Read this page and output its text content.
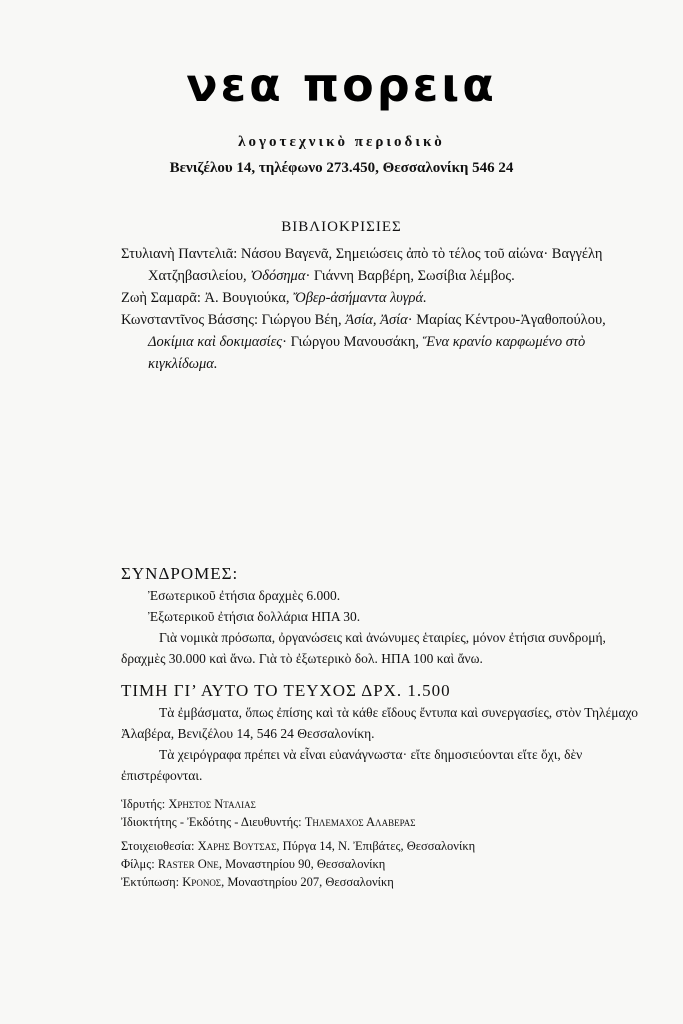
νεα πορεια
λογοτεχνικὸ περιοδικὸ
Βενιζέλου 14, τηλέφωνο 273.450, Θεσσαλονίκη 546 24
ΒΙΒΛΙΟΚΡΙΣΙΕΣ
Στυλιανὴ Παντελιᾶ: Νάσου Βαγενᾶ, Σημειώσεις ἀπὸ τὸ τέλος τοῦ αἰώνα· Βαγγέλη Χατζηβασιλείου, Ὀδόσημα· Γιάννη Βαρβέρη, Σωσίβια λέμβος.
Ζωὴ Σαμαρᾶ: Ἀ. Βουγιούκα, Ὄβερ-ἀσήμαντα λυγρά.
Κωνσταντῖνος Βάσσης: Γιώργου Βέη, Ἀσία, Ἀσία· Μαρίας Κέντρου-Ἀγαθοπούλου, Δοκίμια καὶ δοκιμασίες· Γιώργου Μανουσάκη, Ἕνα κρανίο καρφωμένο στὸ κιγκλίδωμα.
ΣΥΝΔΡΟΜΕΣ:
Ἐσωτερικοῦ ἐτήσια δραχμὲς 6.000.
Ἐξωτερικοῦ ἐτήσια δολλάρια ΗΠΑ 30.
Γιὰ νομικὰ πρόσωπα, ὀργανώσεις καὶ ἀνώνυμες ἑταιρίες, μόνον ἐτήσια συνδρομή, δραχμὲς 30.000 καὶ ἄνω. Γιὰ τὸ ἐξωτερικὸ δολ. ΗΠΑ 100 καὶ ἄνω.
ΤΙΜΗ ΓΙ’ ΑΥΤΟ ΤΟ ΤΕΥΧΟΣ ΔΡΧ. 1.500
Τὰ ἐμβάσματα, ὅπως ἐπίσης καὶ τὰ κάθε εἴδους ἔντυπα καὶ συνεργασίες, στὸν Τηλέμαχο Ἀλαβέρα, Βενιζέλου 14, 546 24 Θεσσαλονίκη.
Τὰ χειρόγραφα πρέπει νὰ εἶναι εὐανάγνωστα· εἴτε δημοσιεύονται εἴτε ὄχι, δὲν ἐπιστρέφονται.
Ἱδρυτής: Χρηστος Νταλιας
Ἰδιοκτήτης - Ἐκδότης - Διευθυντής: Τηλεμαχος Αλαβερας
Στοιχειοθεσία: Χαρης Βουτσας, Πύργα 14, Ν. Ἐπιβάτες, Θεσσαλονίκη
Φίλμς: Raster One, Μοναστηρίου 90, Θεσσαλονίκη
Ἐκτύπωση: Κρονος, Μοναστηρίου 207, Θεσσαλονίκη
